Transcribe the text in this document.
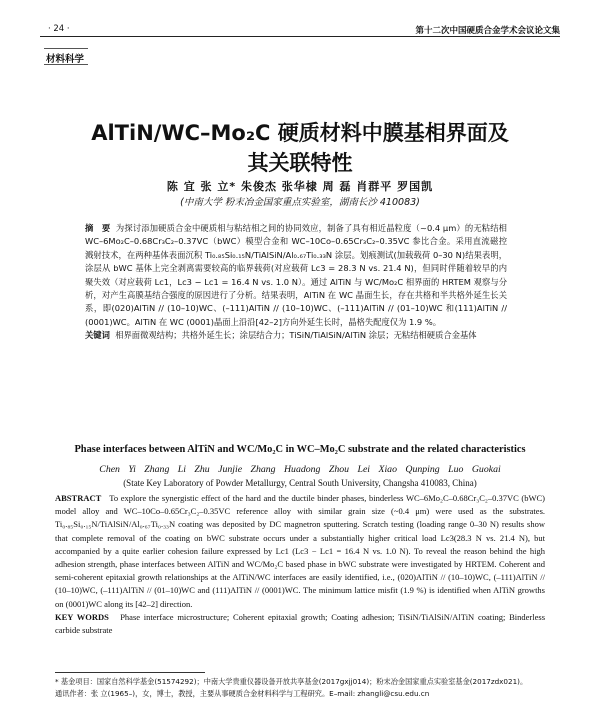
· 24 ·	第十二次中国硬质合金学术会议论文集
材料科学
AlTiN/WC–Mo₂C 硬质材料中膜基相界面及
其关联特性
陈 宜 张 立* 朱俊杰 张华棣 周 磊 肖群平 罗国凯
(中南大学 粉末冶金国家重点实验室，湖南长沙 410083)
摘　要 为探讨添加硬质合金中硬质相与粘结相之间的协同效应，制备了具有相近晶粒度（~0.4 μm）的无粘结相 WC–6Mo₂C–0.68Cr₃C₂–0.37VC（bWC）模型合金和 WC–10Co–0.65Cr₃C₂–0.35VC 参比合金。采用直流磁控溅射技术，在两种基体表面沉积 Ti₀.₈₅Si₀.₁₅N/TiAlSiN/Al₀.₆₇Ti₀.₃₃N 涂层。划痕测试(加载载荷 0–30 N)结果表明，涂层从 bWC 基体上完全剥离需要较高的临界载荷(对应载荷 Lc3 = 28.3 N vs. 21.4 N)，但同时伴随着较早的内聚失效（对应载荷 Lc1，Lc3 − Lc1 = 16.4 N vs. 1.0 N）。通过 AlTiN 与 WC/Mo₂C 相界面的 HRTEM 观察与分析，对产生高膜基结合强度的原因进行了分析。结果表明，AlTiN 在 WC 晶面生长，存在共格和半共格外延生长关系，即(020)AlTiN // (10–10)WC、(–111)AlTiN // (10–10)WC、(–111)AlTiN // (01–10)WC 和(111)AlTiN // (0001)WC。AlTiN 在 WC (0001)晶面上沿沿[42–2]方向外延生长时，晶格失配度仅为 1.9 %。
关键词 相界面微观结构；共格外延生长；涂层结合力；TiSiN/TiAlSiN/AlTiN 涂层；无粘结相硬质合金基体
Phase interfaces between AlTiN and WC/Mo₂C in WC–Mo₂C substrate and the related characteristics
Chen Yi Zhang Li Zhu Junjie Zhang Huadong Zhou Lei Xiao Qunping Luo Guokai
(State Key Laboratory of Powder Metallurgy, Central South University, Changsha 410083, China)

ABSTRACT To explore the synergistic effect of the hard and the ductile binder phases, binderless WC–6Mo₂C–0.68Cr₃C₂–0.37VC (bWC) model alloy and WC–10Co–0.65Cr₃C₂–0.35VC reference alloy with similar grain size (~0.4 μm) were used as the substrates. Ti₀.₈₅Si₀.₁₅N/TiAlSiN/Al₀.₆₇Ti₀.₃₃N coating was deposited by DC magnetron sputtering. Scratch testing (loading range 0–30 N) results show that complete removal of the coating on bWC substrate occurs under a substantially higher critical load Lc3(28.3 N vs. 21.4 N), but accompanied by a quite earlier cohesion failure expressed by Lc1 (Lc3 − Lc1 = 16.4 N vs. 1.0 N). To reveal the reason behind the high adhesion strength, phase interfaces between AlTiN and WC/Mo₂C based phase in bWC substrate were investigated by HRTEM. Coherent and semi-coherent epitaxial growth relationships at the AlTiN/WC interfaces are easily identified, i.e., (020)AlTiN // (10–10)WC, (–111)AlTiN // (10–10)WC, (–111)AlTiN // (01–10)WC and (111)AlTiN // (0001)WC. The minimum lattice misfit (1.9 %) is identified when AlTiN growths on (0001)WC along its [42–2] direction.

KEY WORDS Phase interface microstructure; Coherent epitaxial growth; Coating adhesion; TiSiN/TiAlSiN/AlTiN coating; Binderless carbide substrate

* 基金项目：国家自然科学基金(51574292)；中南大学贵重仪器设备开放共享基金(2017gxjj014)；粉末冶金国家重点实验室基金(2017zdx021)。
通讯作者：张 立(1965–)，女，博士，教授，主要从事硬质合金材料科学与工程研究。E–mail: zhangli@csu.edu.cn
